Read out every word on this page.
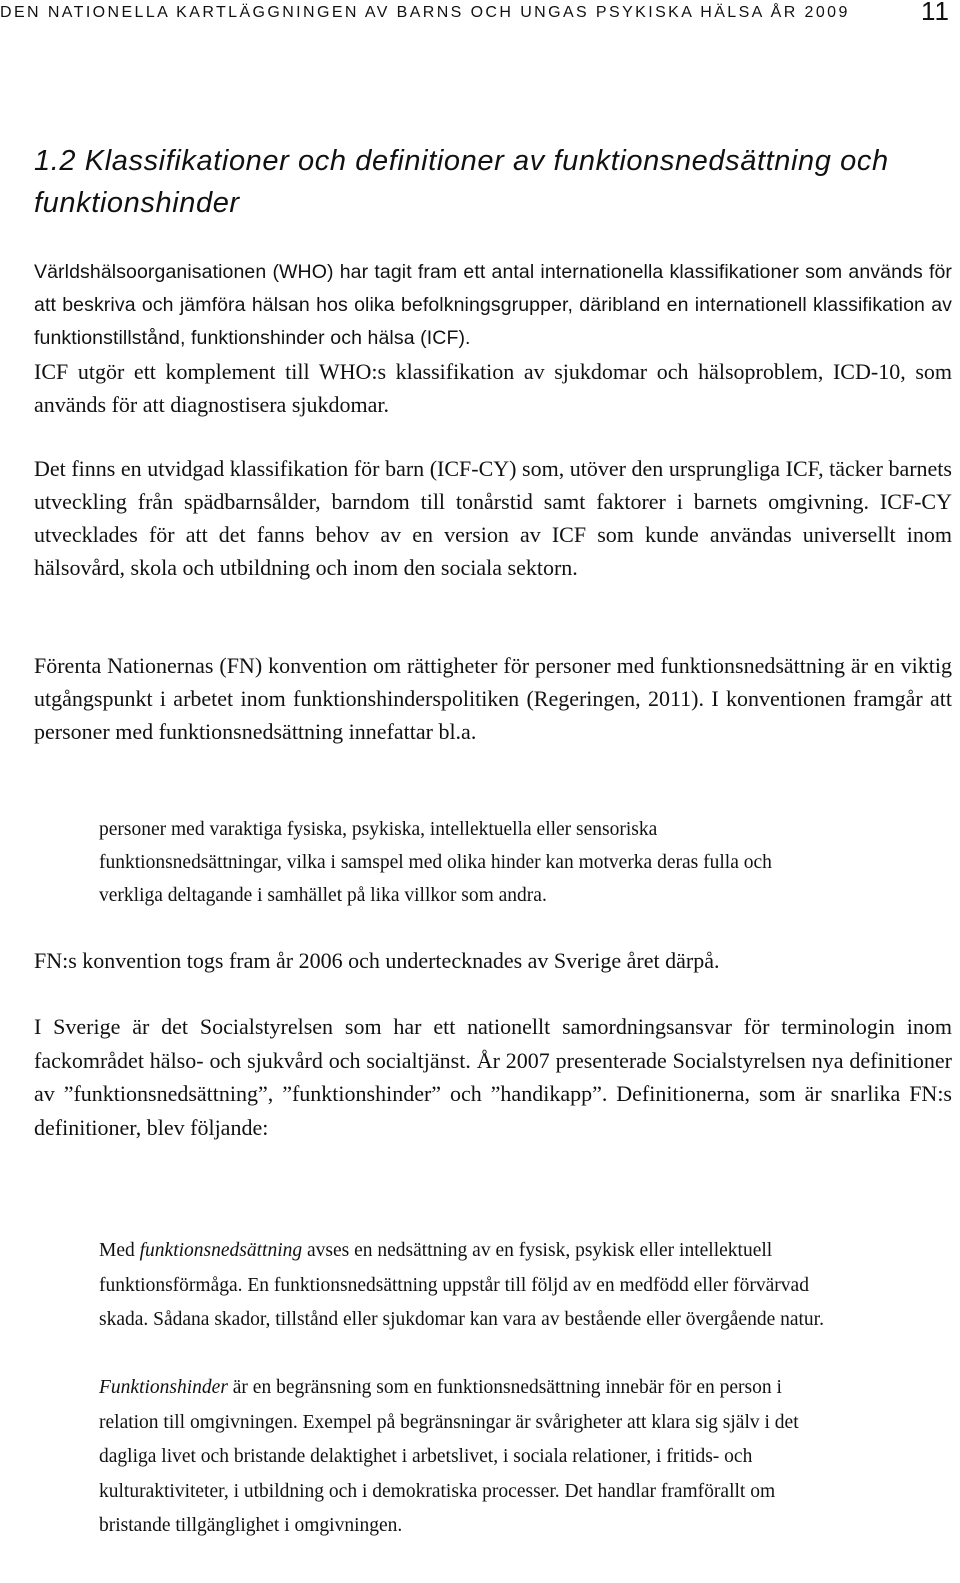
DEN NATIONELLA KARTLÄGGNINGEN AV BARNS OCH UNGAS PSYKISKA HÄLSA ÅR 2009	11
1.2 Klassifikationer och definitioner av funktionsnedsättning och funktionshinder

Världshälsoorganisationen (WHO) har tagit fram ett antal internationella klassifikationer som används för att beskriva och jämföra hälsan hos olika befolkningsgrupper, däribland en internationell klassifikation av funktionstillstånd, funktionshinder och hälsa (ICF).

ICF utgör ett komplement till WHO:s klassifikation av sjukdomar och hälsoproblem, ICD-10, som används för att diagnostisera sjukdomar.

Det finns en utvidgad klassifikation för barn (ICF-CY) som, utöver den ursprungliga ICF, täcker barnets utveckling från spädbarnsålder, barndom till tonårstid samt faktorer i barnets omgivning. ICF-CY utvecklades för att det fanns behov av en version av ICF som kunde användas universellt inom hälsovård, skola och utbildning och inom den sociala sektorn.

Förenta Nationernas (FN) konvention om rättigheter för personer med funktionsnedsättning är en viktig utgångspunkt i arbetet inom funktionshinderspolitiken (Regeringen, 2011). I konventionen framgår att personer med funktionsnedsättning innefattar bl.a.

personer med varaktiga fysiska, psykiska, intellektuella eller sensoriska funktionsnedsättningar, vilka i samspel med olika hinder kan motverka deras fulla och verkliga deltagande i samhället på lika villkor som andra.

FN:s konvention togs fram år 2006 och undertecknades av Sverige året därpå.

I Sverige är det Socialstyrelsen som har ett nationellt samordningsansvar för terminologin inom fackområdet hälso- och sjukvård och socialtjänst. År 2007 presenterade Socialstyrelsen nya definitioner av ”funktionsnedsättning”, ”funktionshinder” och ”handikapp”. Definitionerna, som är snarlika FN:s definitioner, blev följande:

Med funktionsnedsättning avses en nedsättning av en fysisk, psykisk eller intellektuell funktionsförmåga. En funktionsnedsättning uppstår till följd av en medfödd eller förvärvad skada. Sådana skador, tillstånd eller sjukdomar kan vara av bestående eller övergående natur.

Funktionshinder är en begränsning som en funktionsnedsättning innebär för en person i relation till omgivningen. Exempel på begränsningar är svårigheter att klara sig själv i det dagliga livet och bristande delaktighet i arbetslivet, i sociala relationer, i fritids- och kulturaktiviteter, i utbildning och i demokratiska processer. Det handlar framförallt om bristande tillgänglighet i omgivningen.
